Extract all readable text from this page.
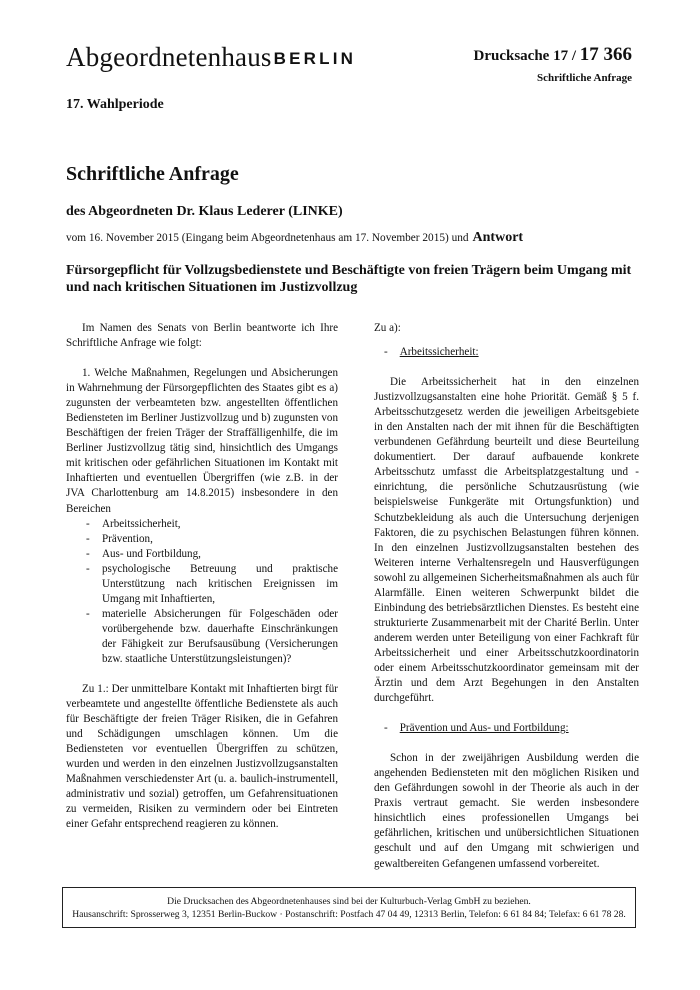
Abgeordnetenhaus BERLIN	Drucksache 17 / 17 366
Schriftliche Anfrage
17. Wahlperiode
Schriftliche Anfrage
des Abgeordneten Dr. Klaus Lederer (LINKE)
vom 16. November 2015 (Eingang beim Abgeordnetenhaus am 17. November 2015) und Antwort
Fürsorgepflicht für Vollzugsbedienstete und Beschäftigte von freien Trägern beim Umgang mit und nach kritischen Situationen im Justizvollzug

Im Namen des Senats von Berlin beantworte ich Ihre Schriftliche Anfrage wie folgt:

1. Welche Maßnahmen, Regelungen und Absicherungen in Wahrnehmung der Fürsorgepflichten des Staates gibt es a) zugunsten der verbeamteten bzw. angestellten öffentlichen Bediensteten im Berliner Justizvollzug und b) zugunsten von Beschäftigen der freien Träger der Straffälligenhilfe, die im Berliner Justizvollzug tätig sind, hinsichtlich des Umgangs mit kritischen oder gefährlichen Situationen im Kontakt mit Inhaftierten und eventuellen Übergriffen (wie z.B. in der JVA Charlottenburg am 14.8.2015) insbesondere in den Bereichen

- Arbeitssicherheit,
- Prävention,
- Aus- und Fortbildung,
- psychologische Betreuung und praktische Unterstützung nach kritischen Ereignissen im Umgang mit Inhaftierten,
- materielle Absicherungen für Folgeschäden oder vorübergehende bzw. dauerhafte Einschränkungen der Fähigkeit zur Berufsausübung (Versicherungen bzw. staatliche Unterstützungsleistungen)?

Zu 1.: Der unmittelbare Kontakt mit Inhaftierten birgt für verbeamtete und angestellte öffentliche Bedienstete als auch für Beschäftigte der freien Träger Risiken, die in Gefahren und Schädigungen umschlagen können. Um die Bediensteten vor eventuellen Übergriffen zu schützen, wurden und werden in den einzelnen Justizvollzugsanstalten Maßnahmen verschiedenster Art (u. a. baulich-instrumentell, administrativ und sozial) getroffen, um Gefahrensituationen zu vermeiden, Risiken zu vermindern oder bei Eintreten einer Gefahr entsprechend reagieren zu können.

Zu a):

- Arbeitssicherheit:

Die Arbeitssicherheit hat in den einzelnen Justizvollzugsanstalten eine hohe Priorität. Gemäß § 5 f. Arbeitsschutzgesetz werden die jeweiligen Arbeitsgebiete in den Anstalten nach der mit ihnen für die Beschäftigten verbundenen Gefährdung beurteilt und diese Beurteilung dokumentiert. Der darauf aufbauende konkrete Arbeitsschutz umfasst die Arbeitsplatzgestaltung und -einrichtung, die persönliche Schutzausrüstung (wie beispielsweise Funkgeräte mit Ortungsfunktion) und Schutzbekleidung als auch die Untersuchung derjenigen Faktoren, die zu psychischen Belastungen führen können. In den einzelnen Justizvollzugsanstalten bestehen des Weiteren interne Verhaltensregeln und Hausverfügungen sowohl zu allgemeinen Sicherheitsmaßnahmen als auch für Alarmfälle. Einen weiteren Schwerpunkt bildet die Einbindung des betriebsärztlichen Dienstes. Es besteht eine strukturierte Zusammenarbeit mit der Charité Berlin. Unter anderem werden unter Beteiligung von einer Fachkraft für Arbeitssicherheit und einer Arbeitsschutzkoordinatorin oder einem Arbeitsschutzkoordinator gemeinsam mit der Ärztin und dem Arzt Begehungen in den Anstalten durchgeführt.

- Prävention und Aus- und Fortbildung:

Schon in der zweijährigen Ausbildung werden die angehenden Bediensteten mit den möglichen Risiken und den Gefährdungen sowohl in der Theorie als auch in der Praxis vertraut gemacht. Sie werden insbesondere hinsichtlich eines professionellen Umgangs bei gefährlichen, kritischen und unübersichtlichen Situationen geschult und auf den Umgang mit schwierigen und gewaltbereiten Gefangenen umfassend vorbereitet.

Die Drucksachen des Abgeordnetenhauses sind bei der Kulturbuch-Verlag GmbH zu beziehen.
Hausanschrift: Sprosserweg 3, 12351 Berlin-Buckow · Postanschrift: Postfach 47 04 49, 12313 Berlin, Telefon: 6 61 84 84; Telefax: 6 61 78 28.
